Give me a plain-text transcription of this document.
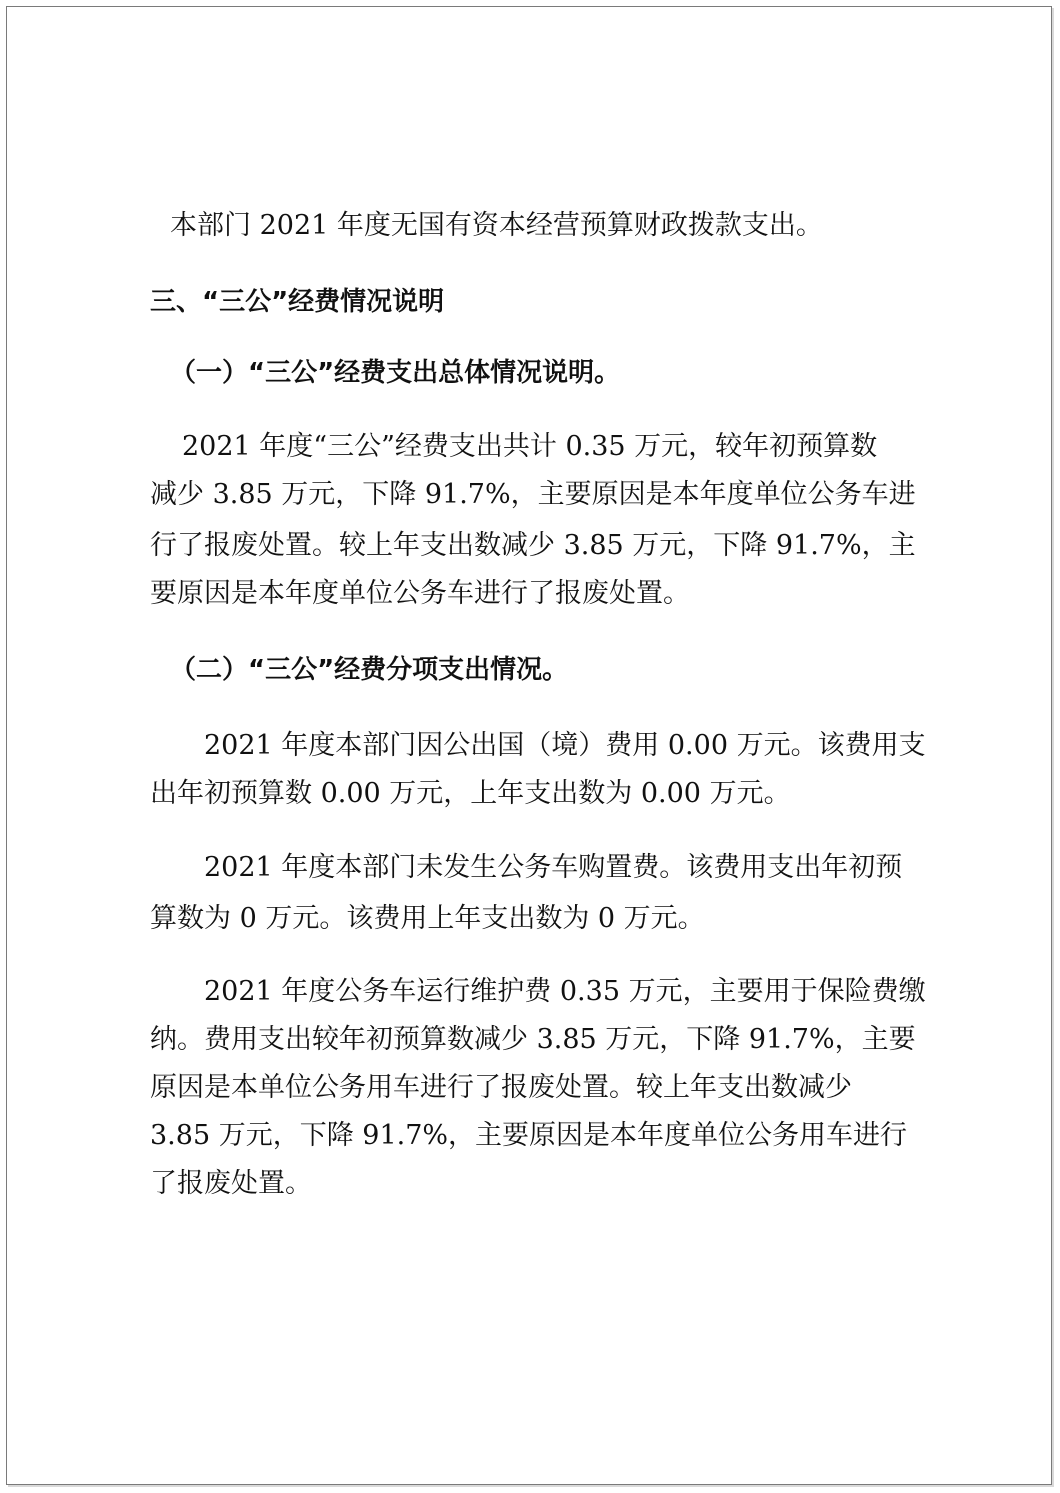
本部门 2021 年度无国有资本经营预算财政拨款支出。
三、“三公”经费情况说明
（一）“三公”经费支出总体情况说明。
2021 年度“三公”经费支出共计 0.35 万元，较年初预算数
减少 3.85 万元，下降 91.7%，主要原因是本年度单位公务车进
行了报废处置。较上年支出数减少 3.85 万元，下降 91.7%，主
要原因是本年度单位公务车进行了报废处置。
（二）“三公”经费分项支出情况。
2021 年度本部门因公出国（境）费用 0.00 万元。该费用支
出年初预算数 0.00 万元，上年支出数为 0.00 万元。
2021 年度本部门未发生公务车购置费。该费用支出年初预
算数为 0 万元。该费用上年支出数为 0 万元。
2021 年度公务车运行维护费 0.35 万元，主要用于保险费缴
纳。费用支出较年初预算数减少 3.85 万元，下降 91.7%，主要
原因是本单位公务用车进行了报废处置。较上年支出数减少
3.85 万元，下降 91.7%，主要原因是本年度单位公务用车进行
了报废处置。
